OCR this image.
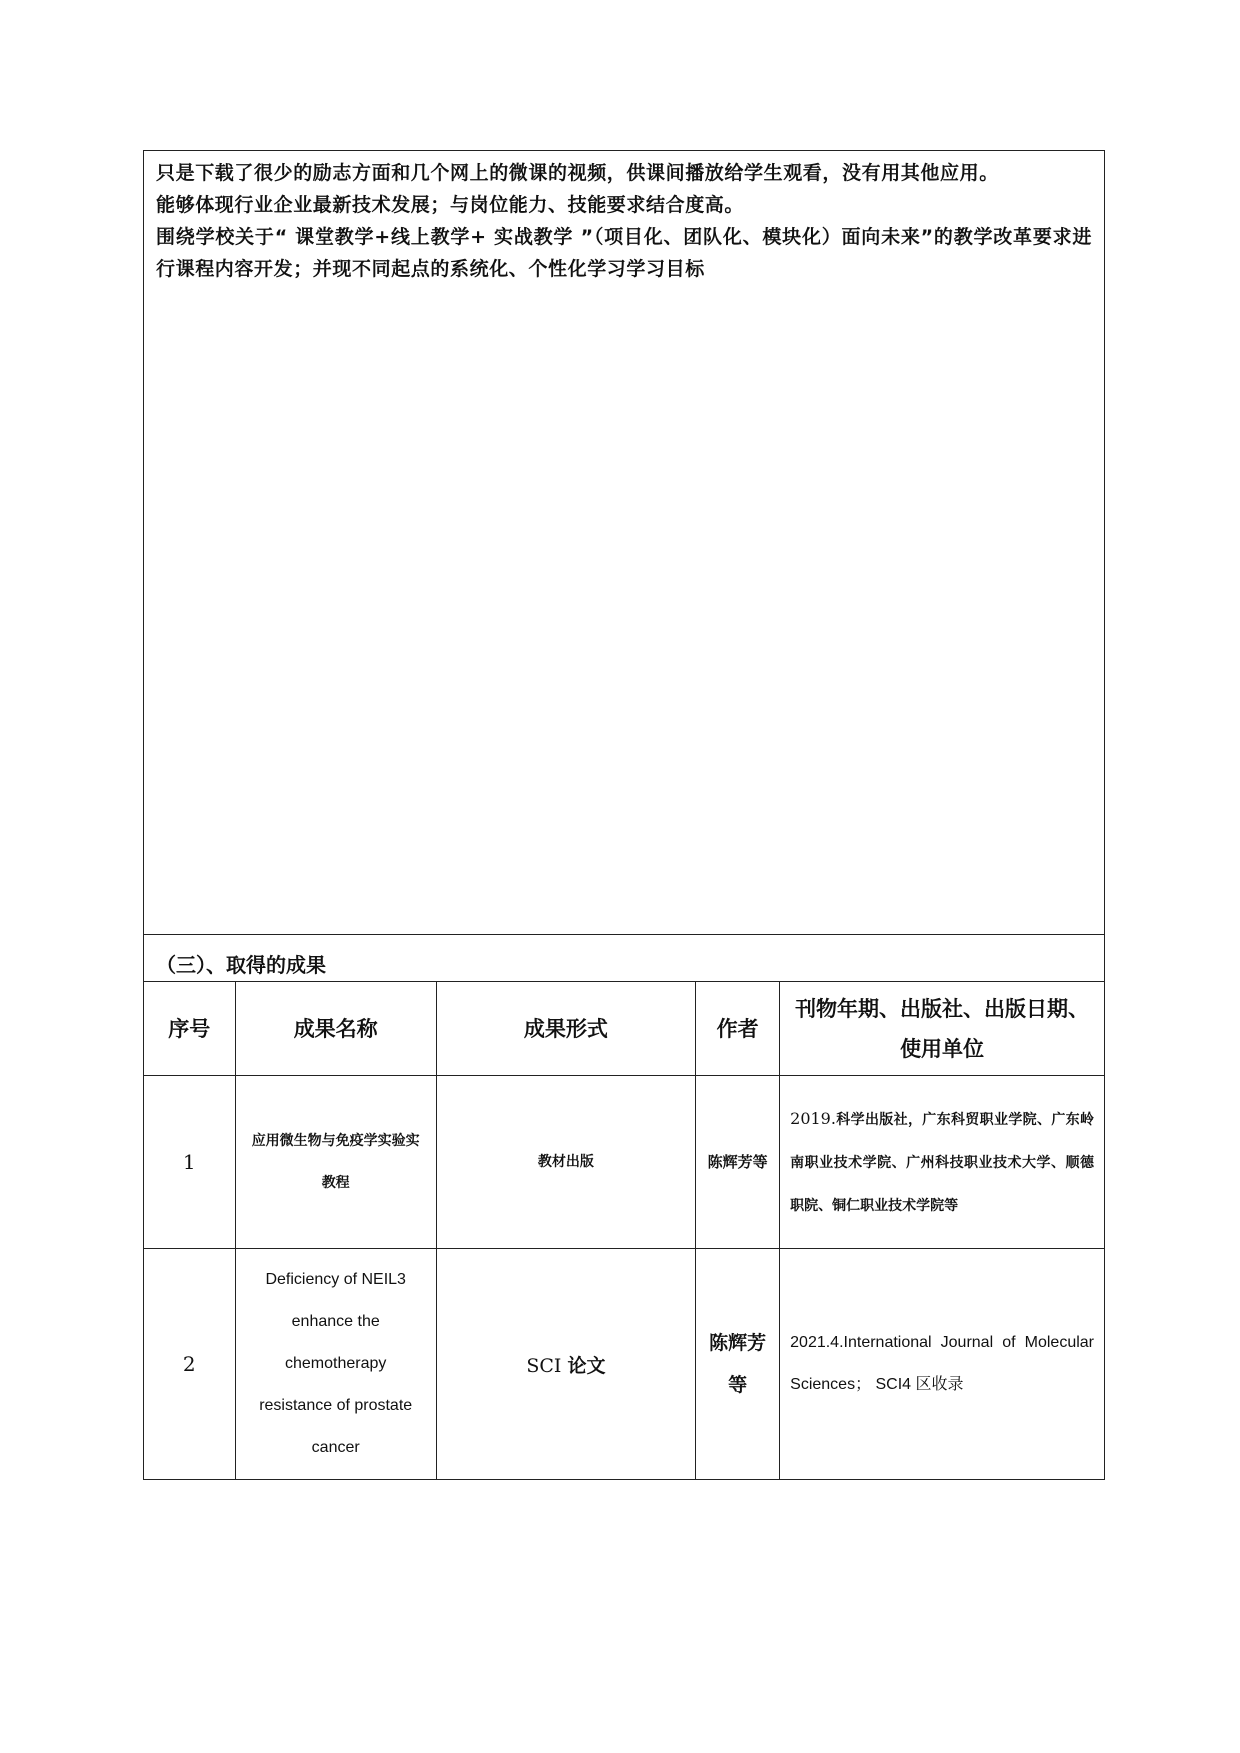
只是下载了很少的励志方面和几个网上的微课的视频，供课间播放给学生观看，没有用其他应用。

能够体现行业企业最新技术发展；与岗位能力、技能要求结合度高。

围绕学校关于“ 课堂教学+线上教学+ 实战教学 ”（项目化、团队化、模块化）面向未来”的教学改革要求进行课程内容开发；并现不同起点的系统化、个性化学习学习目标

（三）、取得的成果
序号	成果名称	成果形式	作者	刊物年期、出版社、出版日期、使用单位
1	应用微生物与免疫学实验实教程	教材出版	陈辉芳等	2019.科学出版社，广东科贸职业学院、广东岭南职业技术学院、广州科技职业技术大学、顺德职院、铜仁职业技术学院等
2	Deficiency of NEIL3 enhance the chemotherapy resistance of prostate cancer	SCI 论文	陈辉芳等	2021.4.International Journal of Molecular Sciences； SCI4 区收录
